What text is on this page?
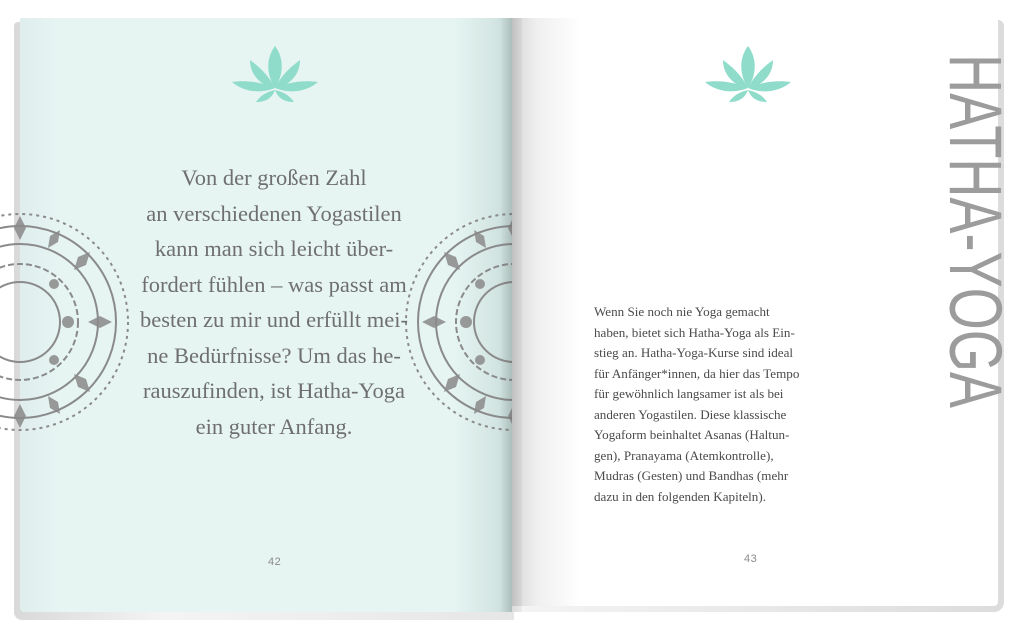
Von der großen Zahl
an verschiedenen Yogastilen
kann man sich leicht über-
fordert fühlen – was passt am
besten zu mir und erfüllt mei-
ne Bedürfnisse? Um das he-
rauszufinden, ist Hatha-Yoga
ein guter Anfang.
42
HATHA-YOGA
Wenn Sie noch nie Yoga gemacht
haben, bietet sich Hatha-Yoga als Ein-
stieg an. Hatha-Yoga-Kurse sind ideal
für Anfänger*innen, da hier das Tempo
für gewöhnlich langsamer ist als bei
anderen Yogastilen. Diese klassische
Yogaform beinhaltet Asanas (Haltun-
gen), Pranayama (Atemkontrolle),
Mudras (Gesten) und Bandhas (mehr
dazu in den folgenden Kapiteln).
43
